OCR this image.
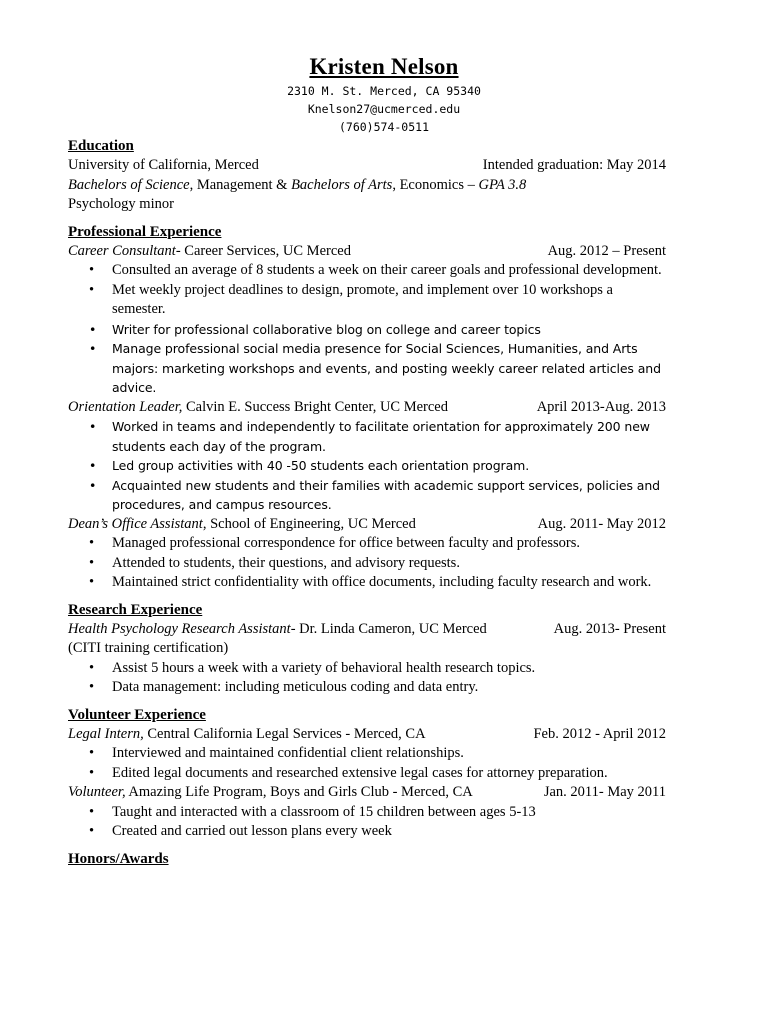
Kristen Nelson
2310 M. St. Merced, CA 95340
Knelson27@ucmerced.edu
(760)574-0511
Education
University of California, Merced	Intended graduation: May 2014
Bachelors of Science, Management & Bachelors of Arts, Economics – GPA 3.8
Psychology minor
Professional Experience
Career Consultant- Career Services, UC Merced	Aug. 2012 – Present
• Consulted an average of 8 students a week on their career goals and professional development.
• Met weekly project deadlines to design, promote, and implement over 10 workshops a semester.
• Writer for professional collaborative blog on college and career topics
• Manage professional social media presence for Social Sciences, Humanities, and Arts majors: marketing workshops and events, and posting weekly career related articles and advice.
Orientation Leader, Calvin E. Success Bright Center, UC Merced	April 2013-Aug. 2013
• Worked in teams and independently to facilitate orientation for approximately 200 new students each day of the program.
• Led group activities with 40 -50 students each orientation program.
• Acquainted new students and their families with academic support services, policies and procedures, and campus resources.
Dean’s Office Assistant, School of Engineering, UC Merced	Aug. 2011- May 2012
• Managed professional correspondence for office between faculty and professors.
• Attended to students, their questions, and advisory requests.
• Maintained strict confidentiality with office documents, including faculty research and work.
Research Experience
Health Psychology Research Assistant- Dr. Linda Cameron, UC Merced	Aug. 2013- Present
(CITI training certification)
• Assist 5 hours a week with a variety of behavioral health research topics.
• Data management: including meticulous coding and data entry.
Volunteer Experience
Legal Intern, Central California Legal Services - Merced, CA	Feb. 2012 - April 2012
• Interviewed and maintained confidential client relationships.
• Edited legal documents and researched extensive legal cases for attorney preparation.
Volunteer, Amazing Life Program, Boys and Girls Club - Merced, CA	Jan. 2011- May 2011
• Taught and interacted with a classroom of 15 children between ages 5-13
• Created and carried out lesson plans every week
Honors/Awards
